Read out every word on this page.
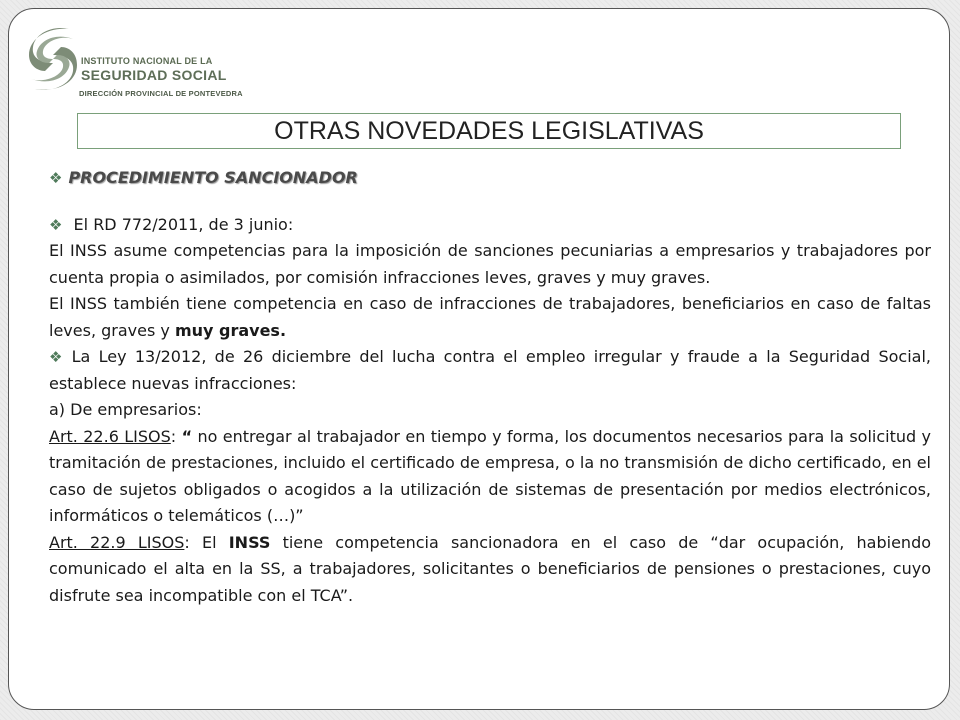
INSTITUTO NACIONAL DE LA
SEGURIDAD SOCIAL
DIRECCIÓN PROVINCIAL DE PONTEVEDRA
OTRAS NOVEDADES LEGISLATIVAS

❖ PROCEDIMIENTO SANCIONADOR

❖ El RD 772/2011, de 3 junio:

El INSS asume competencias para la imposición de sanciones pecuniarias a empresarios y trabajadores por cuenta propia o asimilados, por comisión infracciones leves, graves y muy graves.

El INSS también tiene competencia en caso de infracciones de trabajadores, beneficiarios en caso de faltas leves, graves y muy graves.

❖ La Ley 13/2012, de 26 diciembre del lucha contra el empleo irregular y fraude a la Seguridad Social, establece nuevas infracciones:

a) De empresarios:

Art. 22.6 LISOS: “ no entregar al trabajador en tiempo y forma, los documentos necesarios para la solicitud y tramitación de prestaciones, incluido el certificado de empresa, o la no transmisión de dicho certificado, en el caso de sujetos obligados o acogidos a la utilización de sistemas de presentación por medios electrónicos, informáticos o telemáticos (…)”

Art. 22.9 LISOS: El INSS tiene competencia sancionadora en el caso de “dar ocupación, habiendo comunicado el alta en la SS, a trabajadores, solicitantes o beneficiarios de pensiones o prestaciones, cuyo disfrute sea incompatible con el TCA”.
